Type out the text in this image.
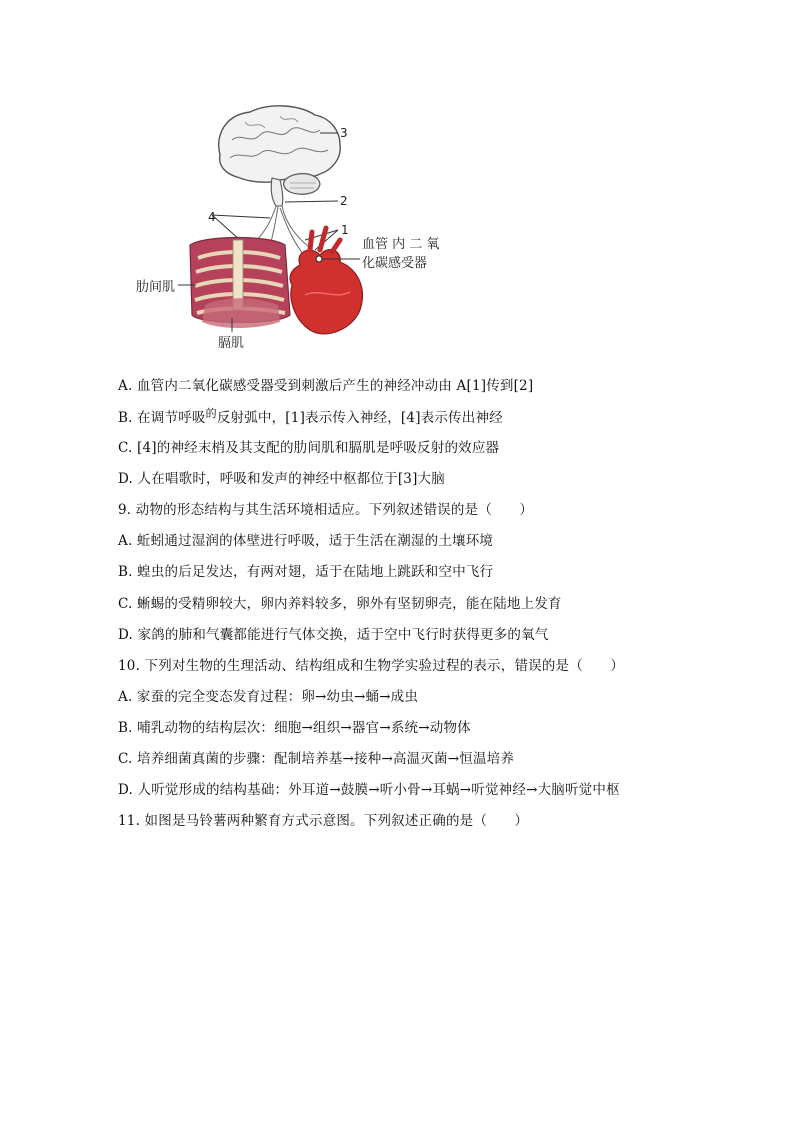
3
2
4
1
血管 内 二 氧
化碳感受器
肋间肌
膈肌
A. 血管内二氧化碳感受器受到刺激后产生的神经冲动由 A[1]传到[2]
B. 在调节呼吸$^的$反射弧中，[1]表示传入神经，[4]表示传出神经
C. [4]的神经末梢及其支配的肋间肌和膈肌是呼吸反射的效应器
D. 人在唱歌时，呼吸和发声的神经中枢都位于[3]大脑
9. 动物的形态结构与其生活环境相适应。下列叙述错误的是（　　）
A. 蚯蚓通过湿润的体壁进行呼吸，适于生活在潮湿的土壤环境
B. 蝗虫的后足发达，有两对翅，适于在陆地上跳跃和空中飞行
C. 蜥蜴的受精卵较大，卵内养料较多，卵外有坚韧卵壳，能在陆地上发育
D. 家鸽的肺和气囊都能进行气体交换，适于空中飞行时获得更多的氧气
10. 下列对生物的生理活动、结构组成和生物学实验过程的表示，错误的是（　　）
A. 家蚕的完全变态发育过程：卵→幼虫→蛹→成虫
B. 哺乳动物的结构层次：细胞→组织→器官→系统→动物体
C. 培养细菌真菌的步骤：配制培养基→接种→高温灭菌→恒温培养
D. 人听觉形成的结构基础：外耳道→鼓膜→听小骨→耳蜗→听觉神经→大脑听觉中枢
11. 如图是马铃薯两种繁育方式示意图。下列叙述正确的是（　　）
